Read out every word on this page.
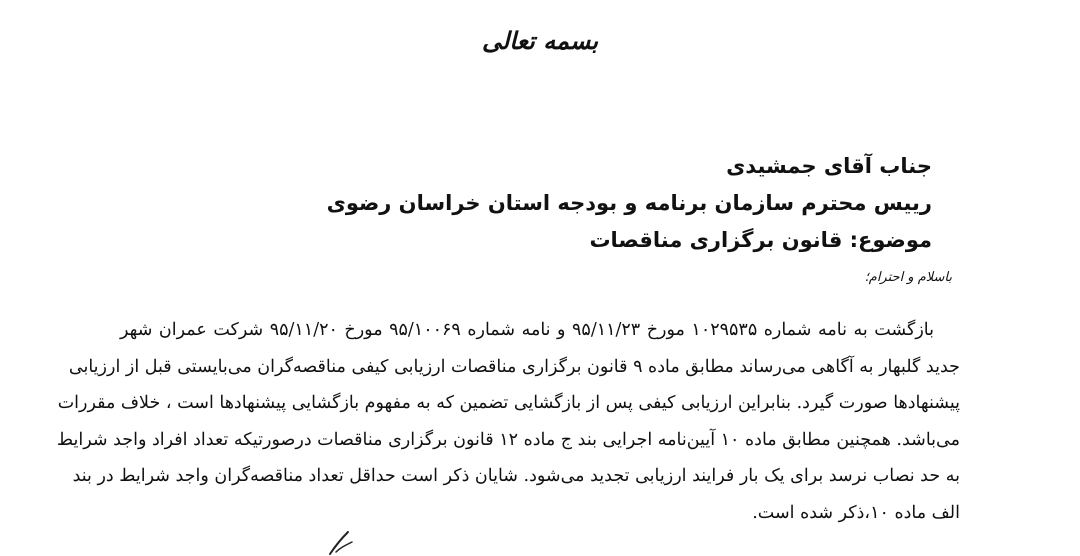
بسمه تعالی
جناب آقای جمشیدی
رییس محترم سازمان برنامه و بودجه استان خراسان رضوی
موضوع: قانون برگزاری مناقصات
باسلام و احترام؛
بازگشت به نامه شماره ۱۰۲۹۵۳۵ مورخ ۹۵/۱۱/۲۳ و نامه شماره ۹۵/۱۰۰۶۹ مورخ ۹۵/۱۱/۲۰ شرکت عمران شهر
جدید گلبهار به آگاهی می‌رساند مطابق ماده ۹ قانون برگزاری مناقصات ارزیابی کیفی مناقصه‌گران می‌بایستی قبل از ارزیابی
پیشنهادها صورت گیرد. بنابراین ارزیابی کیفی پس از بازگشایی تضمین که به مفهوم بازگشایی پیشنهادها است ، خلاف مقررات
می‌باشد. همچنین مطابق ماده ۱۰ آیین‌نامه اجرایی بند ج ماده ۱۲ قانون برگزاری مناقصات درصورتیکه تعداد افراد واجد شرایط
به حد نصاب نرسد برای یک بار فرایند ارزیابی تجدید می‌شود. شایان ذکر است حداقل تعداد مناقصه‌گران واجد شرایط در بند
الف ماده ۱۰،ذکر شده است.
